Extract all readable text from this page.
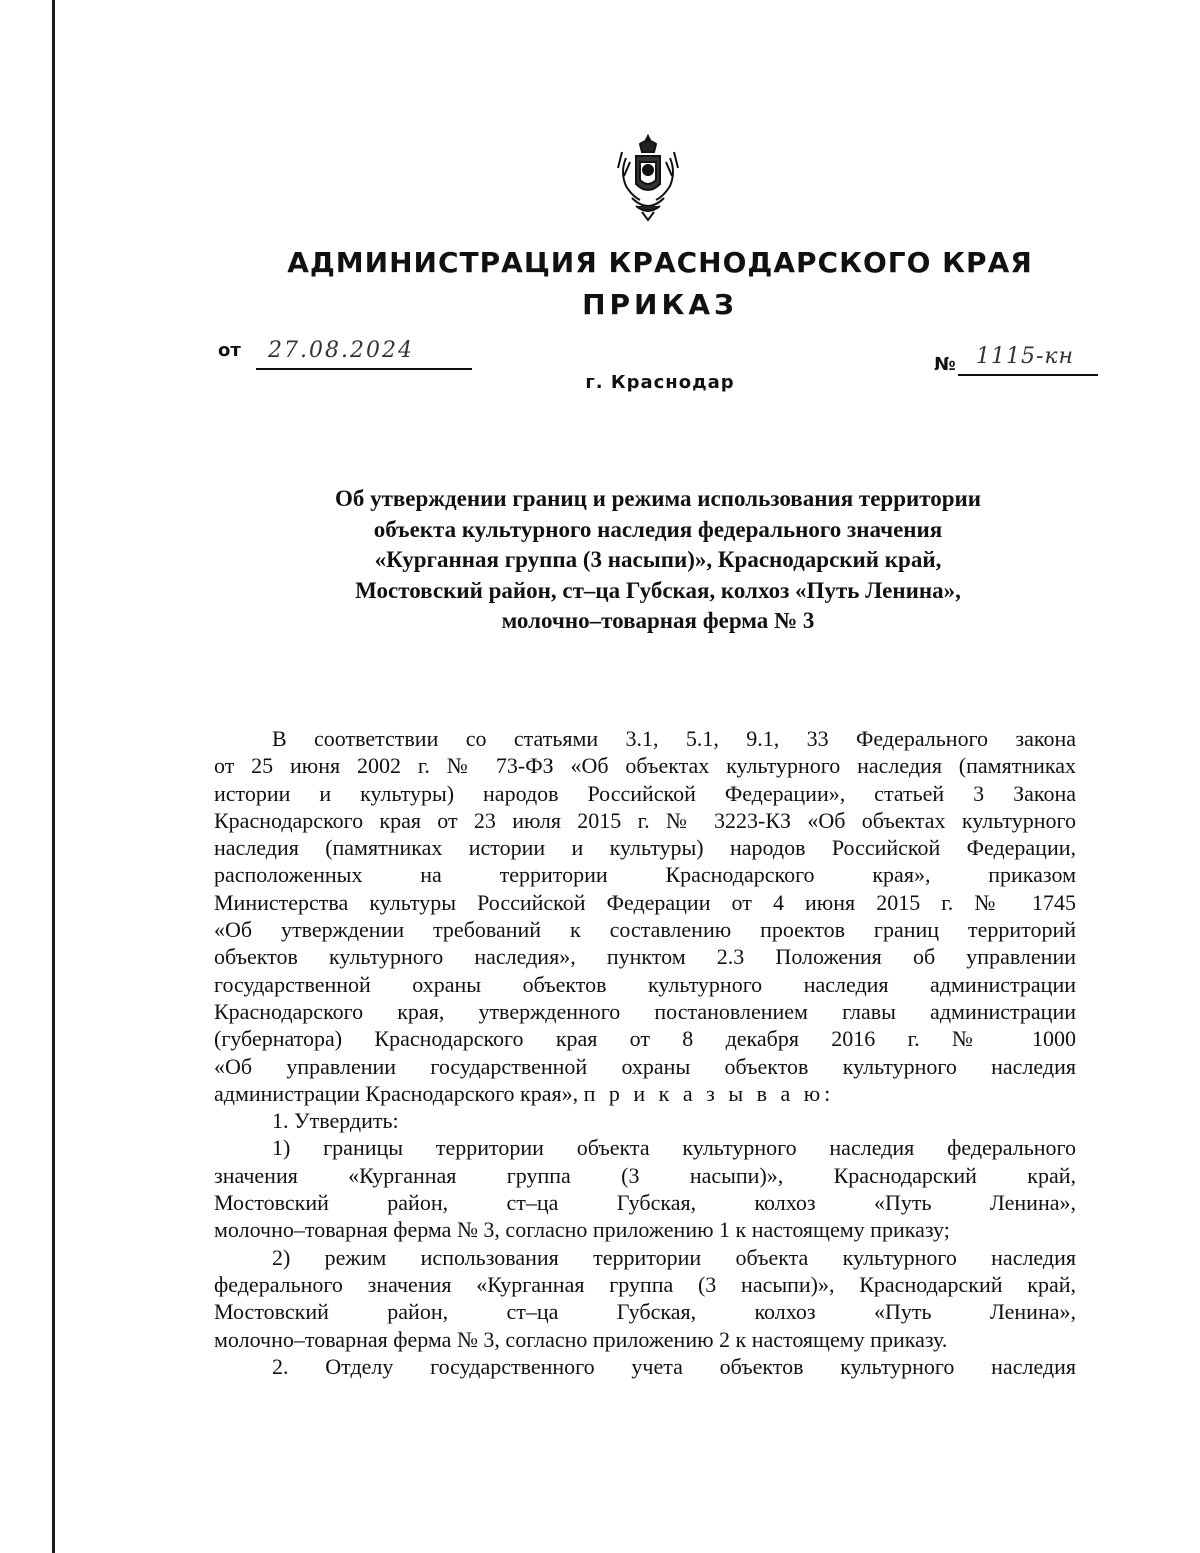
АДМИНИСТРАЦИЯ КРАСНОДАРСКОГО КРАЯ
ПРИКАЗ
от	27.08.2024
г. Краснодар
№ 1115-кн
Об утверждении границ и режима использования территории
объекта культурного наследия федерального значения
«Курганная группа (3 насыпи)», Краснодарский край,
Мостовский район, ст–ца Губская, колхоз «Путь Ленина»,
молочно–товарная ферма № 3
В соответствии со статьями 3.1, 5.1, 9.1, 33 Федерального закона
от 25 июня 2002 г. № 73-ФЗ «Об объектах культурного наследия (памятниках
истории и культуры) народов Российской Федерации», статьей 3 Закона
Краснодарского края от 23 июля 2015 г. № 3223-КЗ «Об объектах культурного
наследия (памятниках истории и культуры) народов Российской Федерации,
расположенных на территории Краснодарского края», приказом
Министерства культуры Российской Федерации от 4 июня 2015 г. № 1745
«Об утверждении требований к составлению проектов границ территорий
объектов культурного наследия», пунктом 2.3 Положения об управлении
государственной охраны объектов культурного наследия администрации
Краснодарского края, утвержденного постановлением главы администрации
(губернатора) Краснодарского края от 8 декабря 2016 г. № 1000
«Об управлении государственной охраны объектов культурного наследия
администрации Краснодарского края», п р и к а з ы в а ю:
1. Утвердить:
1) границы территории объекта культурного наследия федерального
значения «Курганная группа (3 насыпи)», Краснодарский край,
Мостовский район, ст–ца Губская, колхоз «Путь Ленина»,
молочно–товарная ферма № 3, согласно приложению 1 к настоящему приказу;
2) режим использования территории объекта культурного наследия
федерального значения «Курганная группа (3 насыпи)», Краснодарский край,
Мостовский район, ст–ца Губская, колхоз «Путь Ленина»,
молочно–товарная ферма № 3, согласно приложению 2 к настоящему приказу.
2. Отделу государственного учета объектов культурного наследия
